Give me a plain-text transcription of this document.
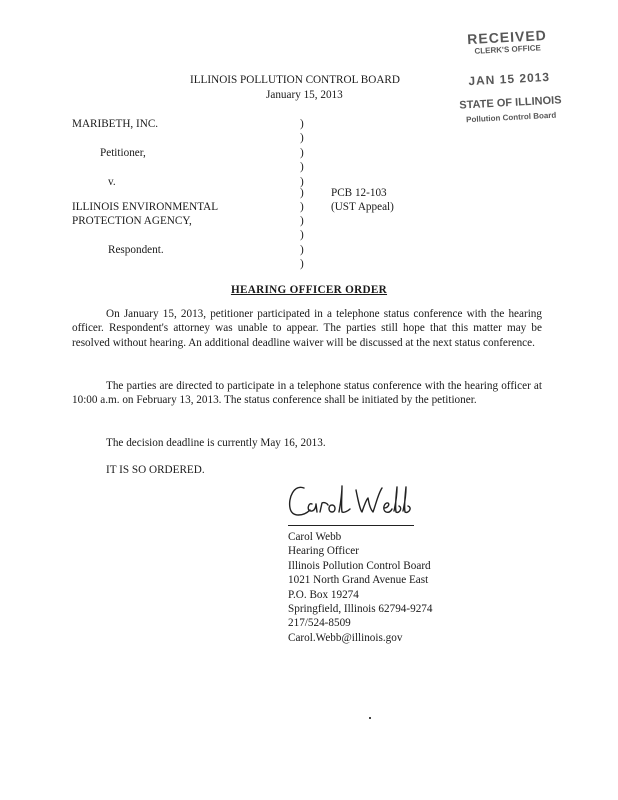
RECEIVED
CLERK'S OFFICE
JAN 15 2013
STATE OF ILLINOIS
Pollution Control Board
ILLINOIS POLLUTION CONTROL BOARD
January 15, 2013
MARIBETH, INC.
Petitioner,
v.
ILLINOIS ENVIRONMENTAL
PROTECTION AGENCY,
Respondent.
PCB 12-103
(UST Appeal)
)
)
)
)
)
)
)
)
)
)
)
HEARING OFFICER ORDER

On January 15, 2013, petitioner participated in a telephone status conference with the hearing officer. Respondent's attorney was unable to appear. The parties still hope that this matter may be resolved without hearing. An additional deadline waiver will be discussed at the next status conference.

The parties are directed to participate in a telephone status conference with the hearing officer at 10:00 a.m. on February 13, 2013. The status conference shall be initiated by the petitioner.

The decision deadline is currently May 16, 2013.
IT IS SO ORDERED.
Carol Webb
Hearing Officer
Illinois Pollution Control Board
1021 North Grand Avenue East
P.O. Box 19274
Springfield, Illinois 62794-9274
217/524-8509
Carol.Webb@illinois.gov
